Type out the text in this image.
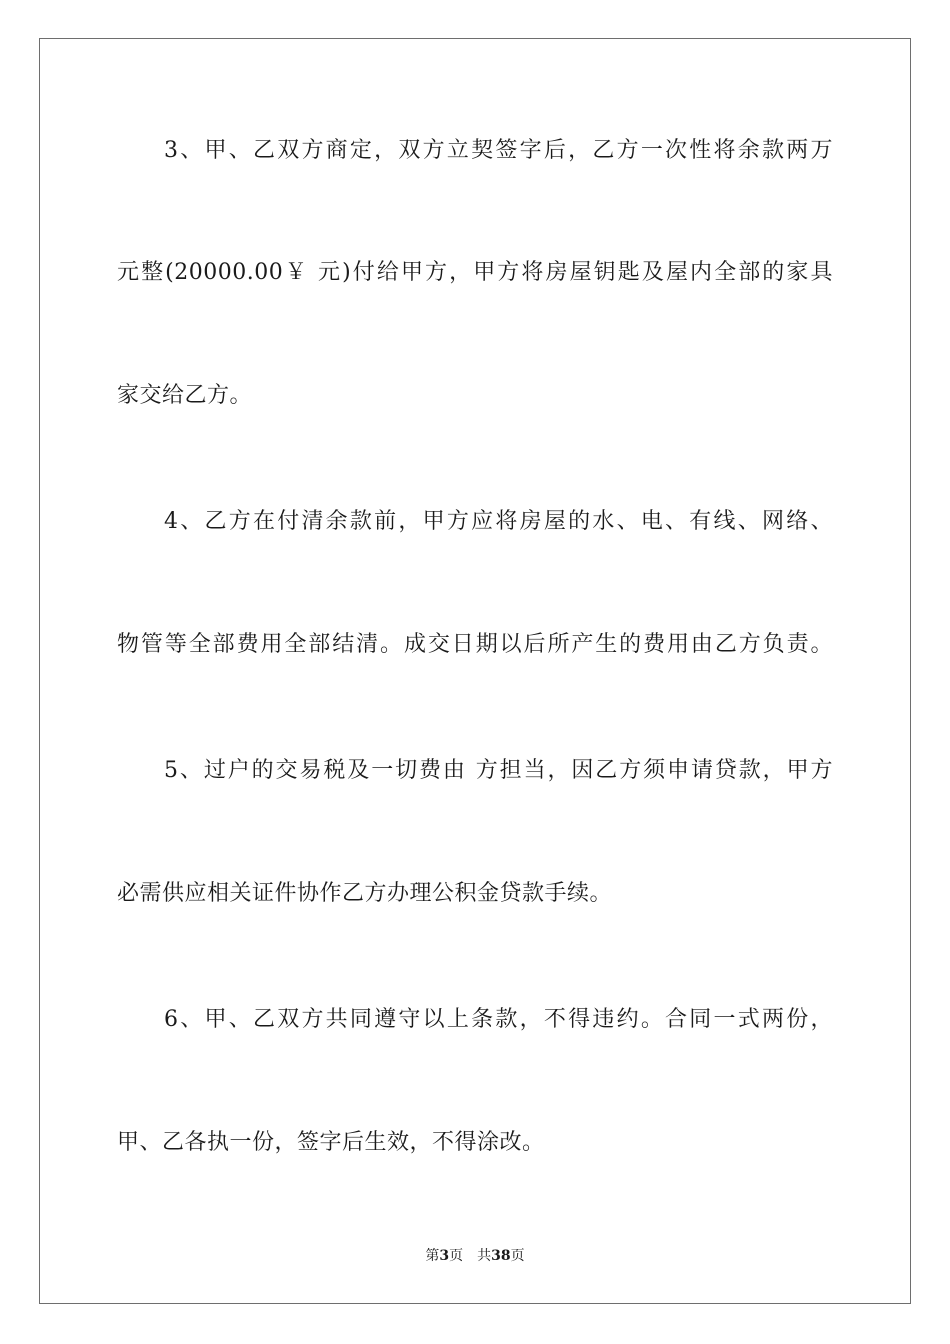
3、甲、乙双方商定，双方立契签字后，乙方一次性将余款两万
元整(20000.00￥ 元)付给甲方，甲方将房屋钥匙及屋内全部的家具
家交给乙方。
4、乙方在付清余款前，甲方应将房屋的水、电、有线、网络、
物管等全部费用全部结清。成交日期以后所产生的费用由乙方负责。
5、过户的交易税及一切费由 方担当，因乙方须申请贷款，甲方
必需供应相关证件协作乙方办理公积金贷款手续。
6、甲、乙双方共同遵守以上条款，不得违约。合同一式两份，
甲、乙各执一份，签字后生效，不得涂改。
第3页 共38页
